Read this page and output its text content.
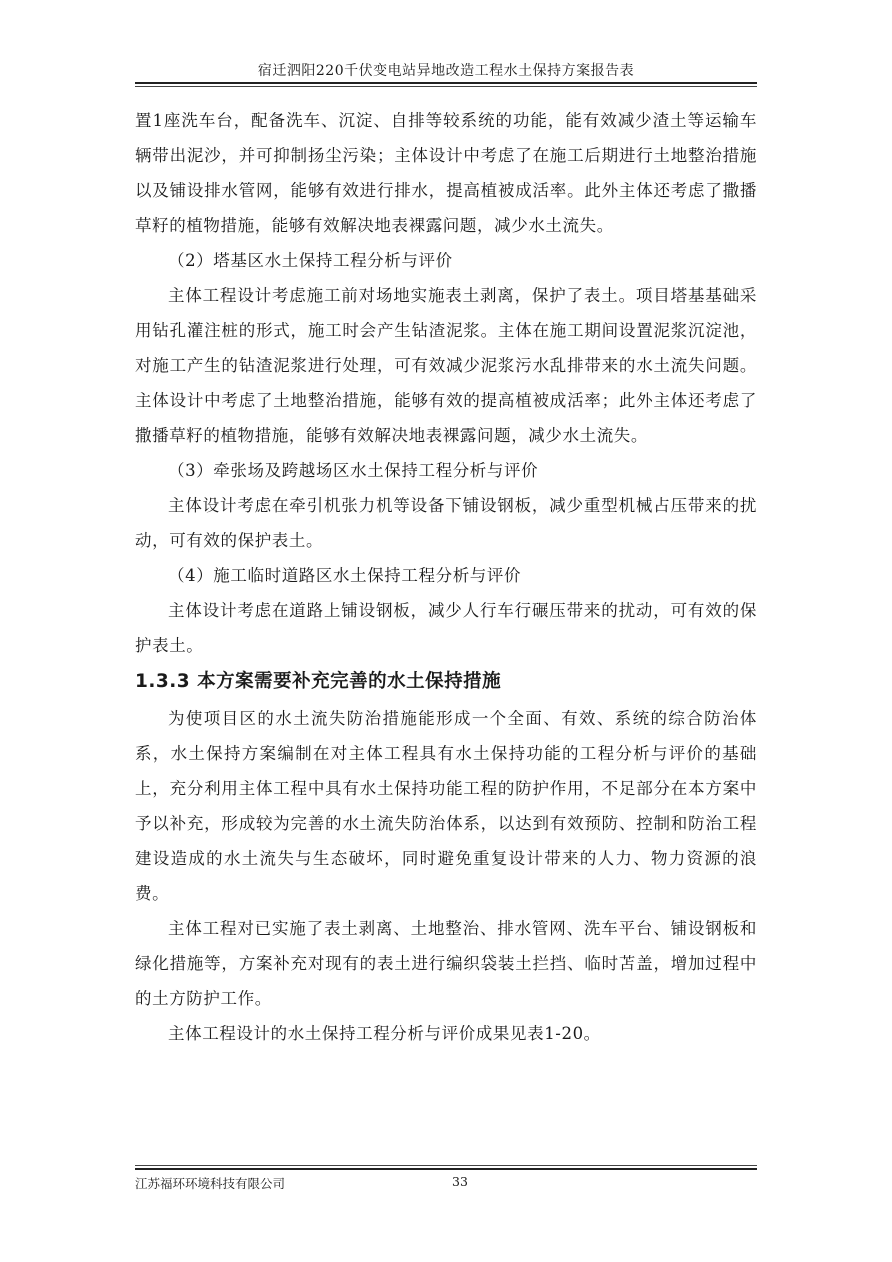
宿迁泗阳220千伏变电站异地改造工程水土保持方案报告表

置1座洗车台，配备洗车、沉淀、自排等较系统的功能，能有效减少渣土等运输车辆带出泥沙，并可抑制扬尘污染；主体设计中考虑了在施工后期进行土地整治措施以及铺设排水管网，能够有效进行排水，提高植被成活率。此外主体还考虑了撒播草籽的植物措施，能够有效解决地表裸露问题，减少水土流失。

（2）塔基区水土保持工程分析与评价

主体工程设计考虑施工前对场地实施表土剥离，保护了表土。项目塔基基础采用钻孔灌注桩的形式，施工时会产生钻渣泥浆。主体在施工期间设置泥浆沉淀池，对施工产生的钻渣泥浆进行处理，可有效减少泥浆污水乱排带来的水土流失问题。主体设计中考虑了土地整治措施，能够有效的提高植被成活率；此外主体还考虑了撒播草籽的植物措施，能够有效解决地表裸露问题，减少水土流失。

（3）牵张场及跨越场区水土保持工程分析与评价

主体设计考虑在牵引机张力机等设备下铺设钢板，减少重型机械占压带来的扰动，可有效的保护表土。

（4）施工临时道路区水土保持工程分析与评价

主体设计考虑在道路上铺设钢板，减少人行车行碾压带来的扰动，可有效的保护表土。

1.3.3 本方案需要补充完善的水土保持措施

为使项目区的水土流失防治措施能形成一个全面、有效、系统的综合防治体系，水土保持方案编制在对主体工程具有水土保持功能的工程分析与评价的基础上，充分利用主体工程中具有水土保持功能工程的防护作用，不足部分在本方案中予以补充，形成较为完善的水土流失防治体系，以达到有效预防、控制和防治工程建设造成的水土流失与生态破坏，同时避免重复设计带来的人力、物力资源的浪费。

主体工程对已实施了表土剥离、土地整治、排水管网、洗车平台、铺设钢板和绿化措施等，方案补充对现有的表土进行编织袋装土拦挡、临时苫盖，增加过程中的土方防护工作。

主体工程设计的水土保持工程分析与评价成果见表1-20。

江苏福环环境科技有限公司	33
